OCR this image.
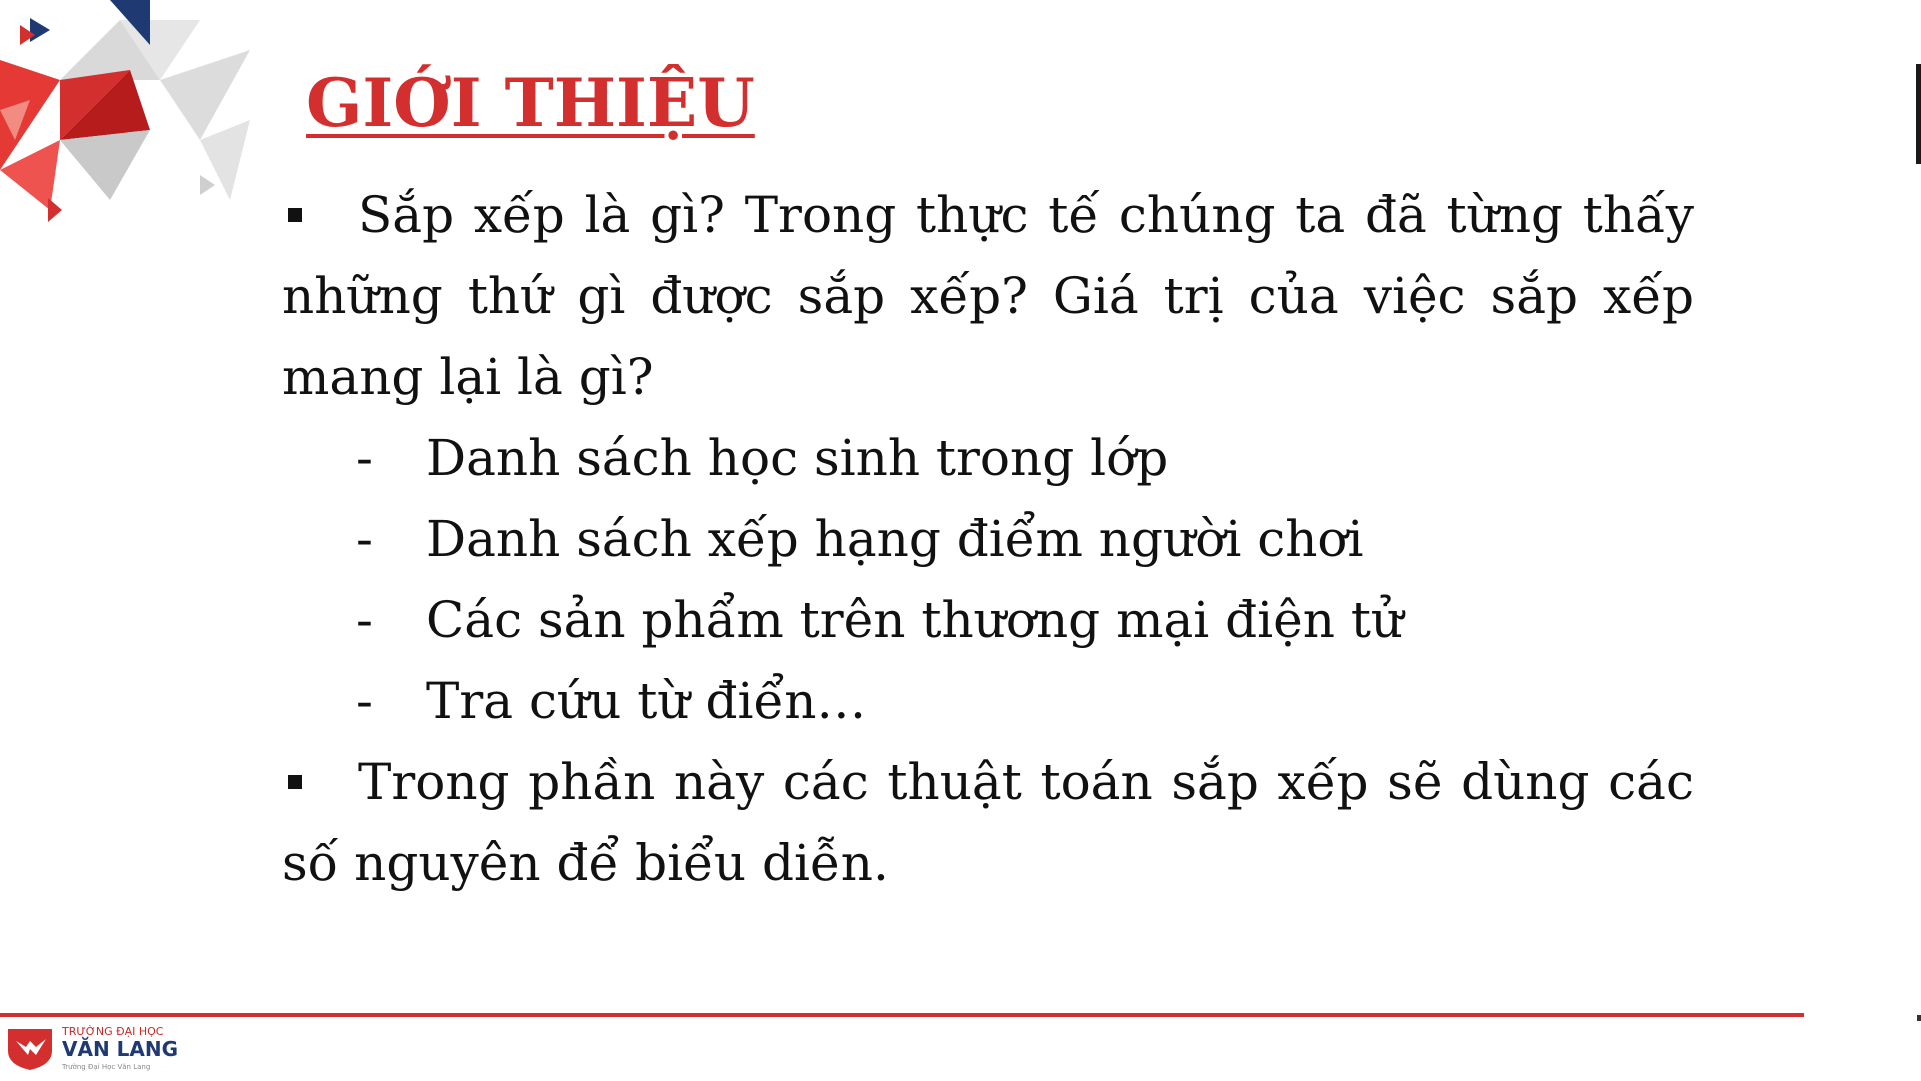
GIỚI THIỆU

Sắp xếp là gì? Trong thực tế chúng ta đã từng thấy những thứ gì được sắp xếp? Giá trị của việc sắp xếp mang lại là gì?

- Danh sách học sinh trong lớp
- Danh sách xếp hạng điểm người chơi
- Các sản phẩm trên thương mại điện tử
- Tra cứu từ điển…

Trong phần này các thuật toán sắp xếp sẽ dùng các số nguyên để biểu diễn.

TRƯỜNG ĐẠI HỌC
VĂN LANG
Trường Đại Học Văn Lang
